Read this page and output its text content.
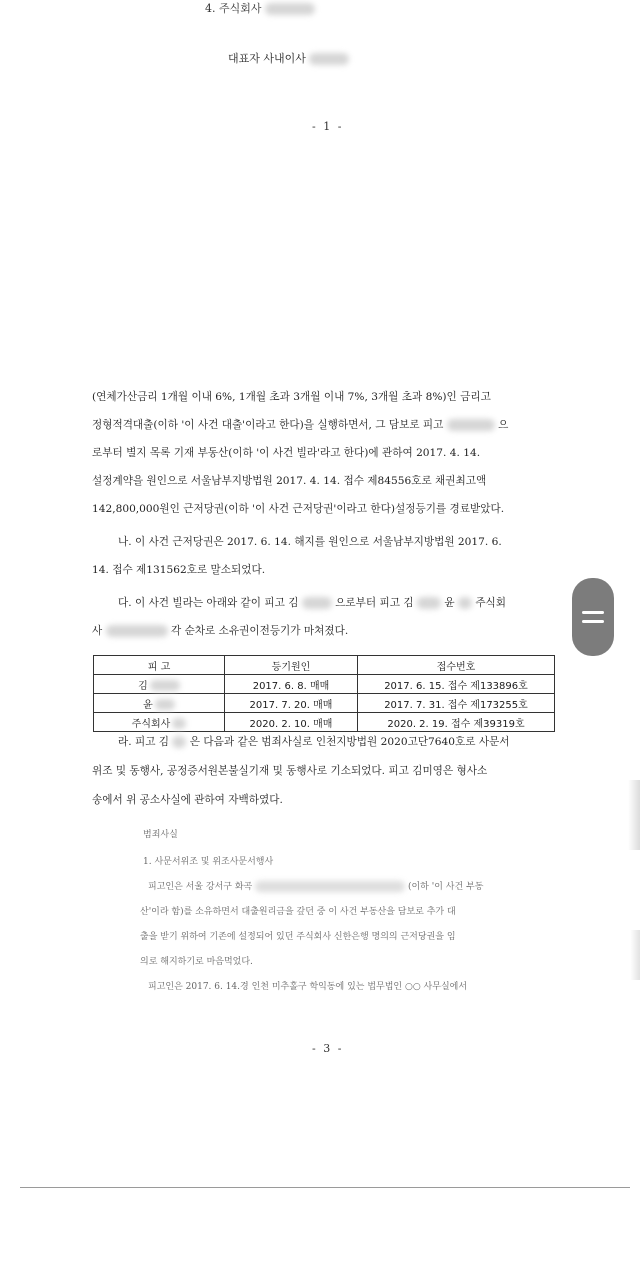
4. 주식회사
대표자 사내이사
- 1 -
(연체가산금리 1개월 이내 6%, 1개월 초과 3개월 이내 7%, 3개월 초과 8%)인 금리고
정형적격대출(이하 '이 사건 대출'이라고 한다)을 실행하면서, 그 담보로 피고	으
로부터 별지 목록 기재 부동산(이하 '이 사건 빌라'라고 한다)에 관하여 2017. 4. 14.
설정계약을 원인으로 서울남부지방법원 2017. 4. 14. 접수 제84556호로 채권최고액
142,800,000원인 근저당권(이하 '이 사건 근저당권'이라고 한다)설정등기를 경료받았다.
나. 이 사건 근저당권은 2017. 6. 14. 해지를 원인으로 서울남부지방법원 2017. 6.
14. 접수 제131562호로 말소되었다.
다. 이 사건 빌라는 아래와 같이 피고 김	으로부터 피고 김	윤 주식회
사	각 순차로 소유권이전등기가 마쳐졌다.
피 고	등기원인	접수번호
김	2017. 6. 8. 매매	2017. 6. 15. 접수 제133896호
윤	2017. 7. 20. 매매	2017. 7. 31. 접수 제173255호
주식회사	2020. 2. 10. 매매	2020. 2. 19. 접수 제39319호
라. 피고 김 은 다음과 같은 범죄사실로 인천지방법원 2020고단7640호로 사문서
위조 및 동행사, 공정증서원본불실기재 및 동행사로 기소되었다. 피고 김미영은 형사소
송에서 위 공소사실에 관하여 자백하였다.
범죄사실
1. 사문서위조 및 위조사문서행사
피고인은 서울 강서구 화곡	(이하 '이 사건 부동
산'이라 함)를 소유하면서 대출원리금을 갚던 중 이 사건 부동산을 담보로 추가 대
출을 받기 위하여 기존에 설정되어 있던 주식회사 신한은행 명의의 근저당권을 임
의로 해지하기로 마음먹었다.
피고인은 2017. 6. 14.경 인천 미추홀구 학익동에 있는 법무법인 ○○ 사무실에서
- 3 -
